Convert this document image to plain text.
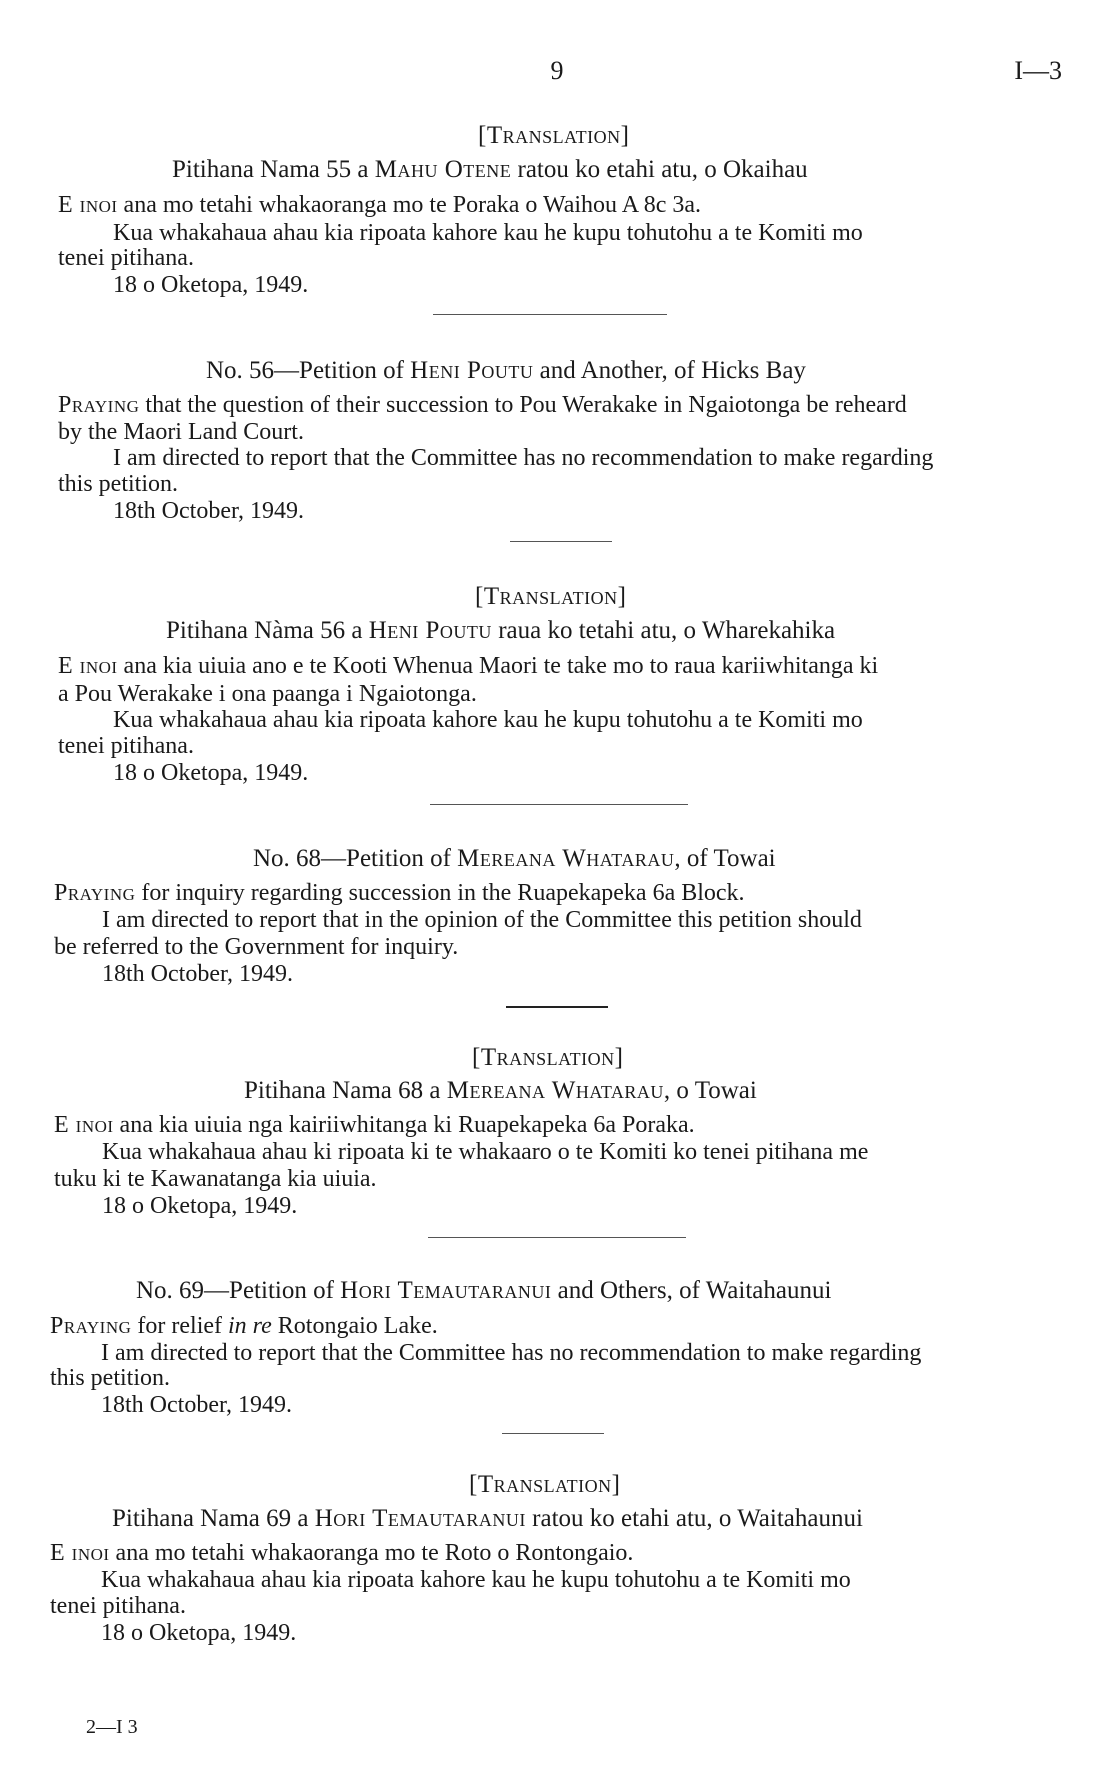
9	I—3
[Translation]
Pitihana Nama 55 a Mahu Otene ratou ko etahi atu, o Okaihau
E inoi ana mo tetahi whakaoranga mo te Poraka o Waihou A 8c 3a.
Kua whakahaua ahau kia ripoata kahore kau he kupu tohutohu a te Komiti mo
tenei pitihana.
18 o Oketopa, 1949.
No. 56—Petition of Heni Poutu and Another, of Hicks Bay
Praying that the question of their succession to Pou Werakake in Ngaiotonga be reheard
by the Maori Land Court.
I am directed to report that the Committee has no recommendation to make regarding
this petition.
18th October, 1949.
[Translation]
Pitihana Nàma 56 a Heni Poutu raua ko tetahi atu, o Wharekahika
E inoi ana kia uiuia ano e te Kooti Whenua Maori te take mo to raua kariiwhitanga ki
a Pou Werakake i ona paanga i Ngaiotonga.
Kua whakahaua ahau kia ripoata kahore kau he kupu tohutohu a te Komiti mo
tenei pitihana.
18 o Oketopa, 1949.
No. 68—Petition of Mereana Whatarau, of Towai
Praying for inquiry regarding succession in the Ruapekapeka 6a Block.
I am directed to report that in the opinion of the Committee this petition should
be referred to the Government for inquiry.
18th October, 1949.
[Translation]
Pitihana Nama 68 a Mereana Whatarau, o Towai
E inoi ana kia uiuia nga kairiiwhitanga ki Ruapekapeka 6a Poraka.
Kua whakahaua ahau ki ripoata ki te whakaaro o te Komiti ko tenei pitihana me
tuku ki te Kawanatanga kia uiuia.
18 o Oketopa, 1949.
No. 69—Petition of Hori Temautaranui and Others, of Waitahaunui
Praying for relief in re Rotongaio Lake.
I am directed to report that the Committee has no recommendation to make regarding
this petition.
18th October, 1949.
[Translation]
Pitihana Nama 69 a Hori Temautaranui ratou ko etahi atu, o Waitahaunui
E inoi ana mo tetahi whakaoranga mo te Roto o Rontongaio.
Kua whakahaua ahau kia ripoata kahore kau he kupu tohutohu a te Komiti mo
tenei pitihana.
18 o Oketopa, 1949.
2—I 3
